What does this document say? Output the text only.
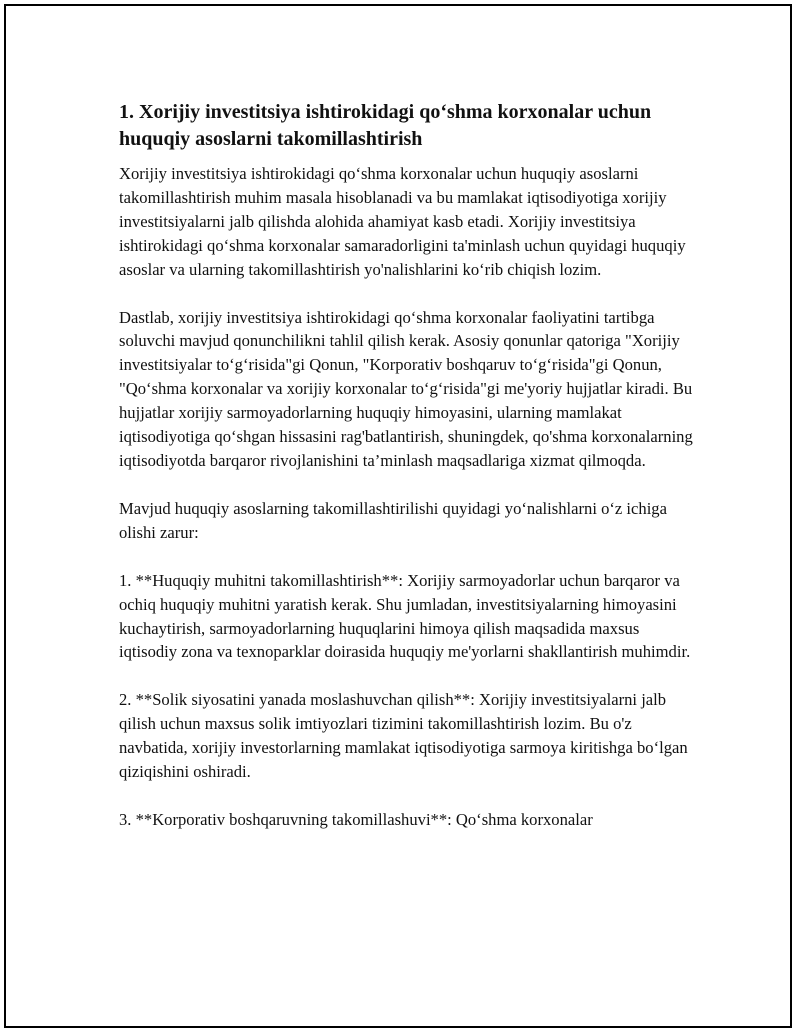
1. Xorijiy investitsiya ishtirokidagi qo‘shma korxonalar uchun huquqiy asoslarni takomillashtirish

Xorijiy investitsiya ishtirokidagi qo‘shma korxonalar uchun huquqiy asoslarni takomillashtirish muhim masala hisoblanadi va bu mamlakat iqtisodiyotiga xorijiy investitsiyalarni jalb qilishda alohida ahamiyat kasb etadi. Xorijiy investitsiya ishtirokidagi qo‘shma korxonalar samaradorligini ta'minlash uchun quyidagi huquqiy asoslar va ularning takomillashtirish yo'nalishlarini ko‘rib chiqish lozim.

Dastlab, xorijiy investitsiya ishtirokidagi qo‘shma korxonalar faoliyatini tartibga soluvchi mavjud qonunchilikni tahlil qilish kerak. Asosiy qonunlar qatoriga "Xorijiy investitsiyalar to‘g‘risida"gi Qonun, "Korporativ boshqaruv to‘g‘risida"gi Qonun, "Qo‘shma korxonalar va xorijiy korxonalar to‘g‘risida"gi me'yoriy hujjatlar kiradi. Bu hujjatlar xorijiy sarmoyadorlarning huquqiy himoyasini, ularning mamlakat iqtisodiyotiga qo‘shgan hissasini rag'batlantirish, shuningdek, qo'shma korxonalarning iqtisodiyotda barqaror rivojlanishini ta’minlash maqsadlariga xizmat qilmoqda.

Mavjud huquqiy asoslarning takomillashtirilishi quyidagi yo‘nalishlarni o‘z ichiga olishi zarur:

1. **Huquqiy muhitni takomillashtirish**: Xorijiy sarmoyadorlar uchun barqaror va ochiq huquqiy muhitni yaratish kerak. Shu jumladan, investitsiyalarning himoyasini kuchaytirish, sarmoyadorlarning huquqlarini himoya qilish maqsadida maxsus iqtisodiy zona va texnoparklar doirasida huquqiy me'yorlarni shakllantirish muhimdir.

2. **Solik siyosatini yanada moslashuvchan qilish**: Xorijiy investitsiyalarni jalb qilish uchun maxsus solik imtiyozlari tizimini takomillashtirish lozim. Bu o'z navbatida, xorijiy investorlarning mamlakat iqtisodiyotiga sarmoya kiritishga bo‘lgan qiziqishini oshiradi.

3. **Korporativ boshqaruvning takomillashuvi**: Qo‘shma korxonalar
